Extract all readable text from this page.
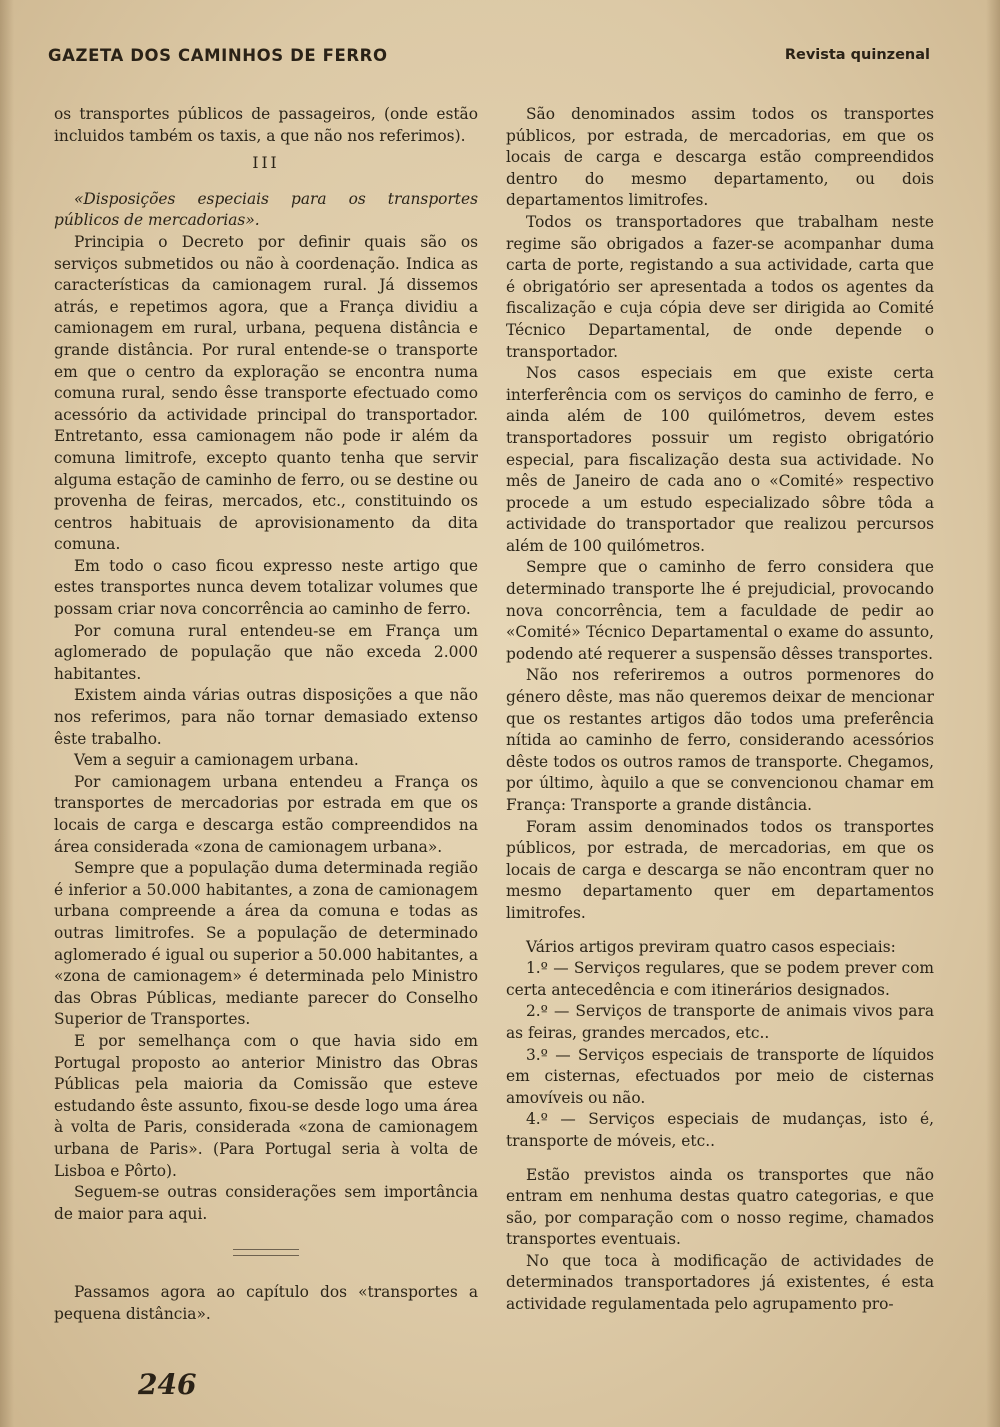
GAZETA DOS CAMINHOS DE FERRO	Revista quinzenal

os transportes públicos de passageiros, (onde estão incluidos também os taxis, a que não nos referimos).

III

«Disposições especiais para os transportes públicos de mercadorias».

Principia o Decreto por definir quais são os serviços submetidos ou não à coordenação. Indica as características da camionagem rural. Já dissemos atrás, e repetimos agora, que a França dividiu a camionagem em rural, urbana, pequena distância e grande distância. Por rural entende-se o transporte em que o centro da exploração se encontra numa comuna rural, sendo êsse transporte efectuado como acessório da actividade principal do transportador. Entretanto, essa camionagem não pode ir além da comuna limitrofe, excepto quanto tenha que servir alguma estação de caminho de ferro, ou se destine ou provenha de feiras, mercados, etc., constituindo os centros habituais de aprovisionamento da dita comuna.

Em todo o caso ficou expresso neste artigo que estes transportes nunca devem totalizar volumes que possam criar nova concorrência ao caminho de ferro.

Por comuna rural entendeu-se em França um aglomerado de população que não exceda 2.000 habitantes.

Existem ainda várias outras disposições a que não nos referimos, para não tornar demasiado extenso êste trabalho.

Vem a seguir a camionagem urbana.

Por camionagem urbana entendeu a França os transportes de mercadorias por estrada em que os locais de carga e descarga estão compreendidos na área considerada «zona de camionagem urbana».

Sempre que a população duma determinada região é inferior a 50.000 habitantes, a zona de camionagem urbana compreende a área da comuna e todas as outras limitrofes. Se a população de determinado aglomerado é igual ou superior a 50.000 habitantes, a «zona de camionagem» é determinada pelo Ministro das Obras Públicas, mediante parecer do Conselho Superior de Transportes.

E por semelhança com o que havia sido em Portugal proposto ao anterior Ministro das Obras Públicas pela maioria da Comissão que esteve estudando êste assunto, fixou-se desde logo uma área à volta de Paris, considerada «zona de camionagem urbana de Paris». (Para Portugal seria à volta de Lisboa e Pôrto).

Seguem-se outras considerações sem importância de maior para aqui.

Passamos agora ao capítulo dos «transportes a pequena distância».

São denominados assim todos os transportes públicos, por estrada, de mercadorias, em que os locais de carga e descarga estão compreendidos dentro do mesmo departamento, ou dois departamentos limitrofes.

Todos os transportadores que trabalham neste regime são obrigados a fazer-se acompanhar duma carta de porte, registando a sua actividade, carta que é obrigatório ser apresentada a todos os agentes da fiscalização e cuja cópia deve ser dirigida ao Comité Técnico Departamental, de onde depende o transportador.

Nos casos especiais em que existe certa interferência com os serviços do caminho de ferro, e ainda além de 100 quilómetros, devem estes transportadores possuir um registo obrigatório especial, para fiscalização desta sua actividade. No mês de Janeiro de cada ano o «Comité» respectivo procede a um estudo especializado sôbre tôda a actividade do transportador que realizou percursos além de 100 quilómetros.

Sempre que o caminho de ferro considera que determinado transporte lhe é prejudicial, provocando nova concorrência, tem a faculdade de pedir ao «Comité» Técnico Departamental o exame do assunto, podendo até requerer a suspensão dêsses transportes.

Não nos referiremos a outros pormenores do género dêste, mas não queremos deixar de mencionar que os restantes artigos dão todos uma preferência nítida ao caminho de ferro, considerando acessórios dêste todos os outros ramos de transporte. Chegamos, por último, àquilo a que se convencionou chamar em França: Transporte a grande distância.

Foram assim denominados todos os transportes públicos, por estrada, de mercadorias, em que os locais de carga e descarga se não encontram quer no mesmo departamento quer em departamentos limitrofes.

Vários artigos previram quatro casos especiais:

1.º — Serviços regulares, que se podem prever com certa antecedência e com itinerários designados.

2.º — Serviços de transporte de animais vivos para as feiras, grandes mercados, etc..

3.º — Serviços especiais de transporte de líquidos em cisternas, efectuados por meio de cisternas amovíveis ou não.

4.º — Serviços especiais de mudanças, isto é, transporte de móveis, etc..

Estão previstos ainda os transportes que não entram em nenhuma destas quatro categorias, e que são, por comparação com o nosso regime, chamados transportes eventuais.

No que toca à modificação de actividades de determinados transportadores já existentes, é esta actividade regulamentada pelo agrupamento pro-

246
